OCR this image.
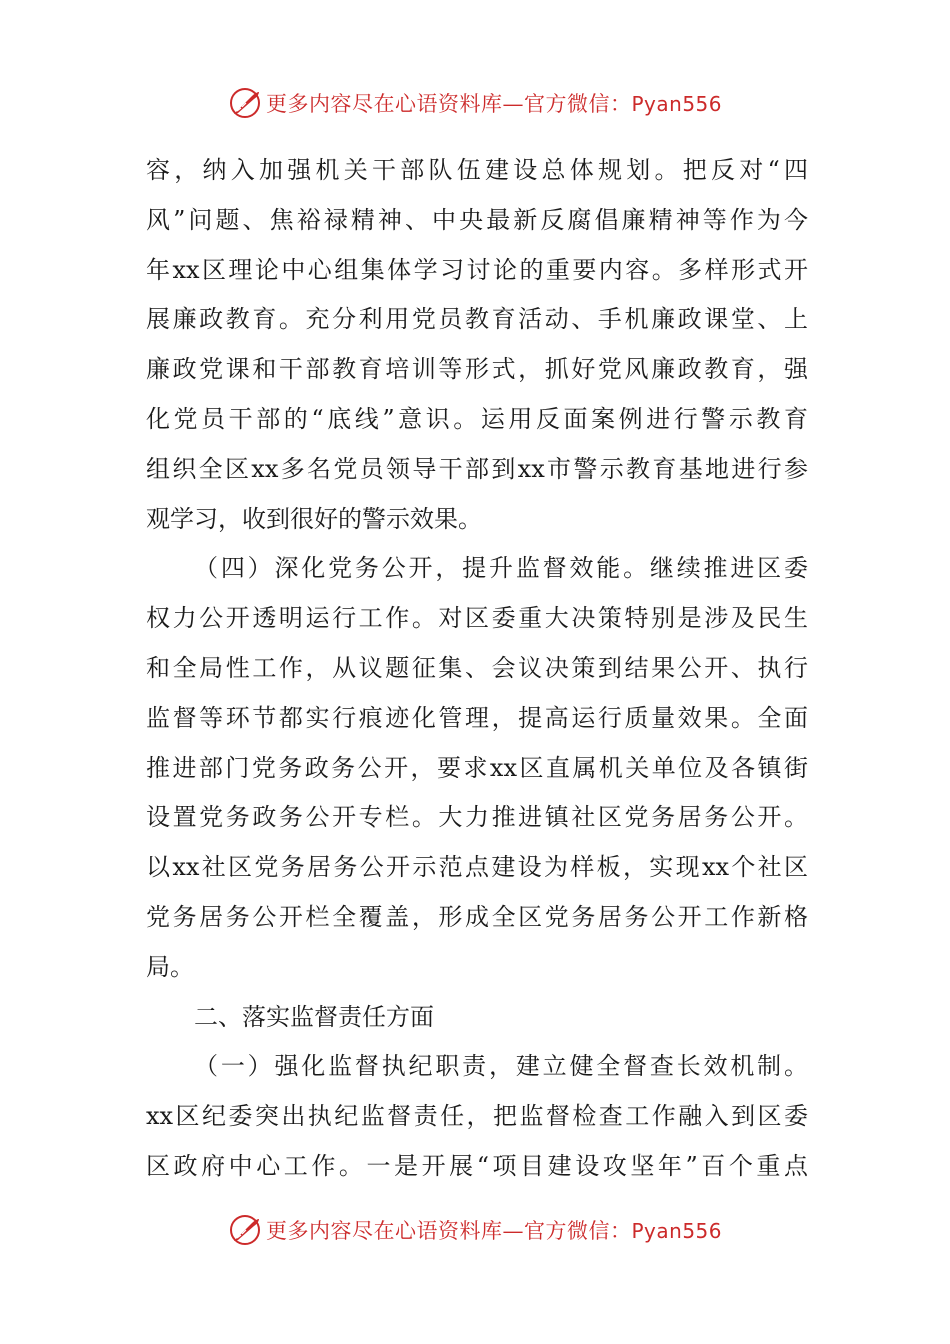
更多内容尽在心语资料库—官方微信：Pyan556
容，纳入加强机关干部队伍建设总体规划。把反对“四
风”问题、焦裕禄精神、中央最新反腐倡廉精神等作为今
年xx区理论中心组集体学习讨论的重要内容。多样形式开
展廉政教育。充分利用党员教育活动、手机廉政课堂、上
廉政党课和干部教育培训等形式，抓好党风廉政教育，强
化党员干部的“底线”意识。运用反面案例进行警示教育
组织全区xx多名党员领导干部到xx市警示教育基地进行参
观学习，收到很好的警示效果。
（四）深化党务公开，提升监督效能。继续推进区委
权力公开透明运行工作。对区委重大决策特别是涉及民生
和全局性工作，从议题征集、会议决策到结果公开、执行
监督等环节都实行痕迹化管理，提高运行质量效果。全面
推进部门党务政务公开，要求xx区直属机关单位及各镇街
设置党务政务公开专栏。大力推进镇社区党务居务公开。
以xx社区党务居务公开示范点建设为样板，实现xx个社区
党务居务公开栏全覆盖，形成全区党务居务公开工作新格
局。
二、落实监督责任方面
（一）强化监督执纪职责，建立健全督查长效机制。
xx区纪委突出执纪监督责任，把监督检查工作融入到区委
区政府中心工作。一是开展“项目建设攻坚年”百个重点
更多内容尽在心语资料库—官方微信：Pyan556
